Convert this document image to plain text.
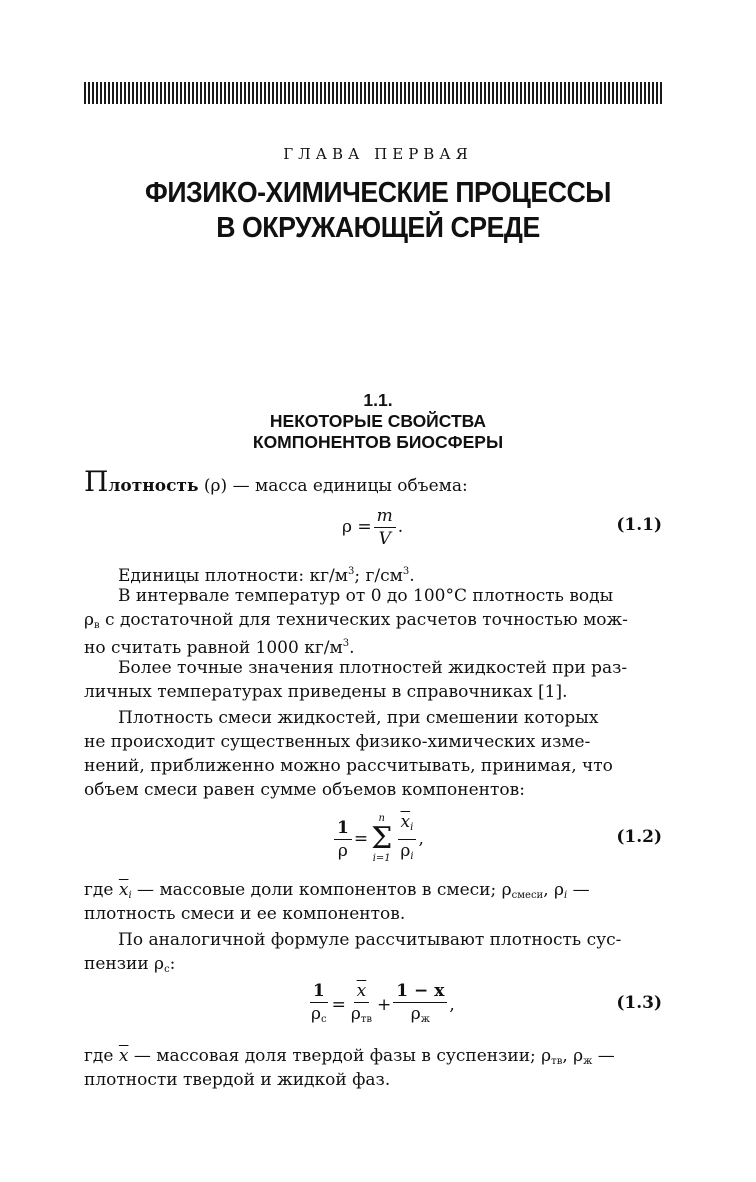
ГЛАВА ПЕРВАЯ
ФИЗИКО-ХИМИЧЕСКИЕ ПРОЦЕССЫ
В ОКРУЖАЮЩЕЙ СРЕДЕ
1.1.
НЕКОТОРЫЕ СВОЙСТВА
КОМПОНЕНТОВ БИОСФЕРЫ
Плотность (ρ) — масса единицы объема:
$\rho = \frac{m}{V}$ .	(1.1)
Единицы плотности: $кг/м^3$; $г/см^3$.
В интервале температур от 0 до 100°С плотность воды
$\rho_в$ с достаточной для технических расчетов точностью мож-
но считать равной 1000 $кг/м^3$.
Более точные значения плотностей жидкостей при раз-
личных температурах приведены в справочниках [1].
Плотность смеси жидкостей, при смешении которых
не происходит существенных физико-химических изме-
нений, приближенно можно рассчитывать, принимая, что
объем смеси равен сумме объемов компонентов:
$\frac{1}{\rho}$ =
n
Σ
$i=1 \frac{\overline{x}_i}{\rho_i}$ ,	(1.2)
где $\overline{x}_i$ — массовые доли компонентов в смеси; $\rho_{смеси}$, $\rho_i$ —
плотность смеси и ее компонентов.
По аналогичной формуле рассчитывают плотность сус-
пензии $\rho_с$:
$\frac{1}{\rho_с} = \frac{\overline{x}}{\rho_{тв}} + \frac{1 - x}{\rho_ж}$ ,	(1.3)
где $\overline{x}$ — массовая доля твердой фазы в суспензии; $\rho_{тв}$, $\rho_ж$ —
плотности твердой и жидкой фаз.
